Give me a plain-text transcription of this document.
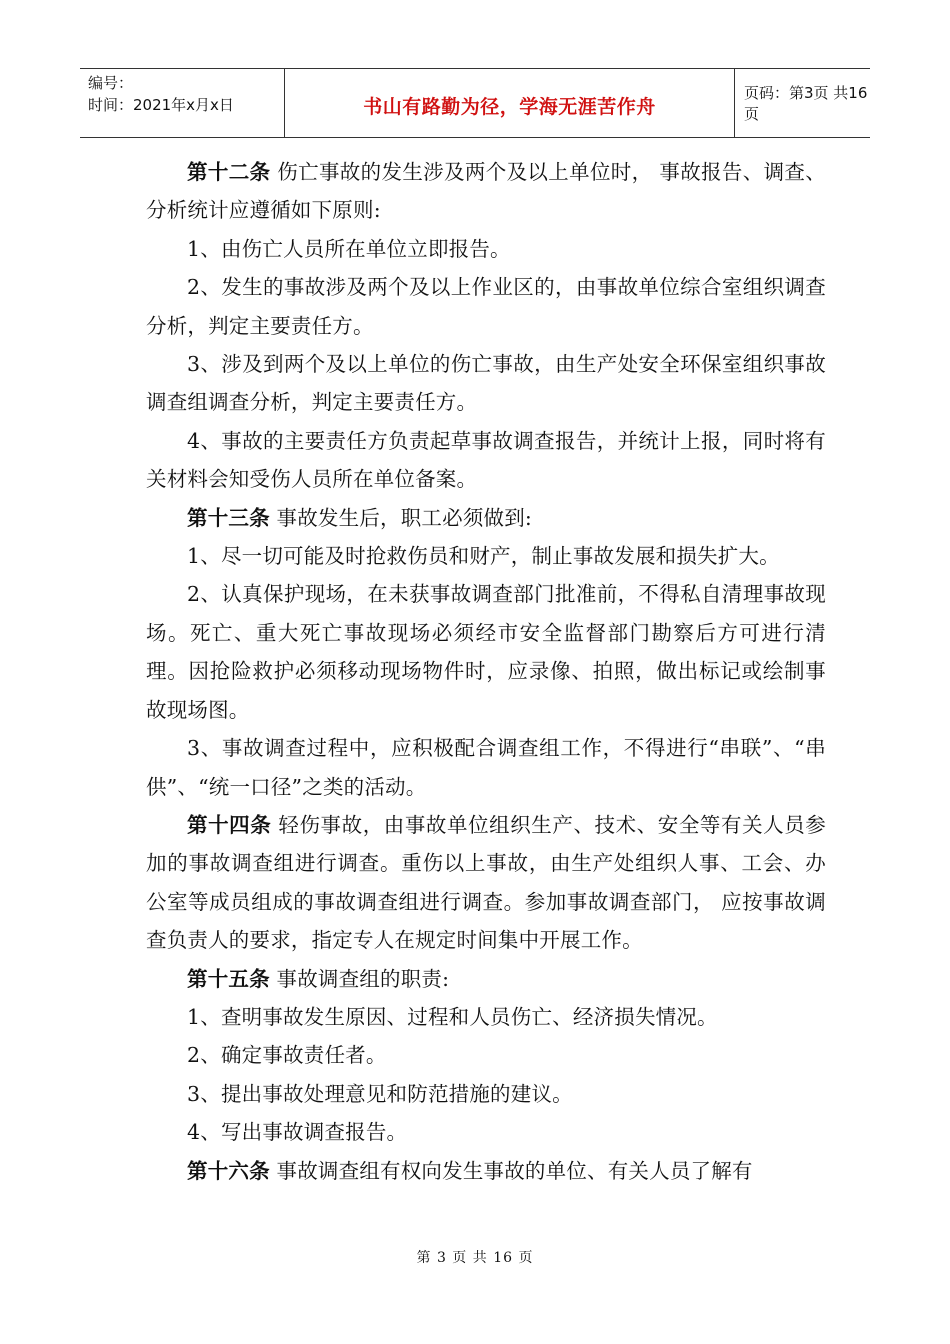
编号：
时间：2021年x月x日	书山有路勤为径，学海无涯苦作舟
页码：第3页 共16页

第十二条 伤亡事故的发生涉及两个及以上单位时， 事故报告、调查、分析统计应遵循如下原则:

1、由伤亡人员所在单位立即报告。

2、发生的事故涉及两个及以上作业区的，由事故单位综合室组织调查分析，判定主要责任方。

3、涉及到两个及以上单位的伤亡事故，由生产处安全环保室组织事故调查组调查分析，判定主要责任方。

4、事故的主要责任方负责起草事故调查报告，并统计上报，同时将有关材料会知受伤人员所在单位备案。

第十三条 事故发生后，职工必须做到:

1、尽一切可能及时抢救伤员和财产，制止事故发展和损失扩大。

2、认真保护现场，在未获事故调查部门批准前，不得私自清理事故现场。死亡、重大死亡事故现场必须经市安全监督部门勘察后方可进行清理。因抢险救护必须移动现场物件时，应录像、拍照，做出标记或绘制事故现场图。

3、事故调查过程中，应积极配合调查组工作，不得进行“串联”、“串供”、“统一口径”之类的活动。

第十四条 轻伤事故，由事故单位组织生产、技术、安全等有关人员参加的事故调查组进行调查。重伤以上事故，由生产处组织人事、工会、办公室等成员组成的事故调查组进行调查。参加事故调查部门， 应按事故调查负责人的要求，指定专人在规定时间集中开展工作。

第十五条 事故调查组的职责:

1、查明事故发生原因、过程和人员伤亡、经济损失情况。

2、确定事故责任者。

3、提出事故处理意见和防范措施的建议。

4、写出事故调查报告。

第十六条 事故调查组有权向发生事故的单位、有关人员了解有

第 3 页 共 16 页
